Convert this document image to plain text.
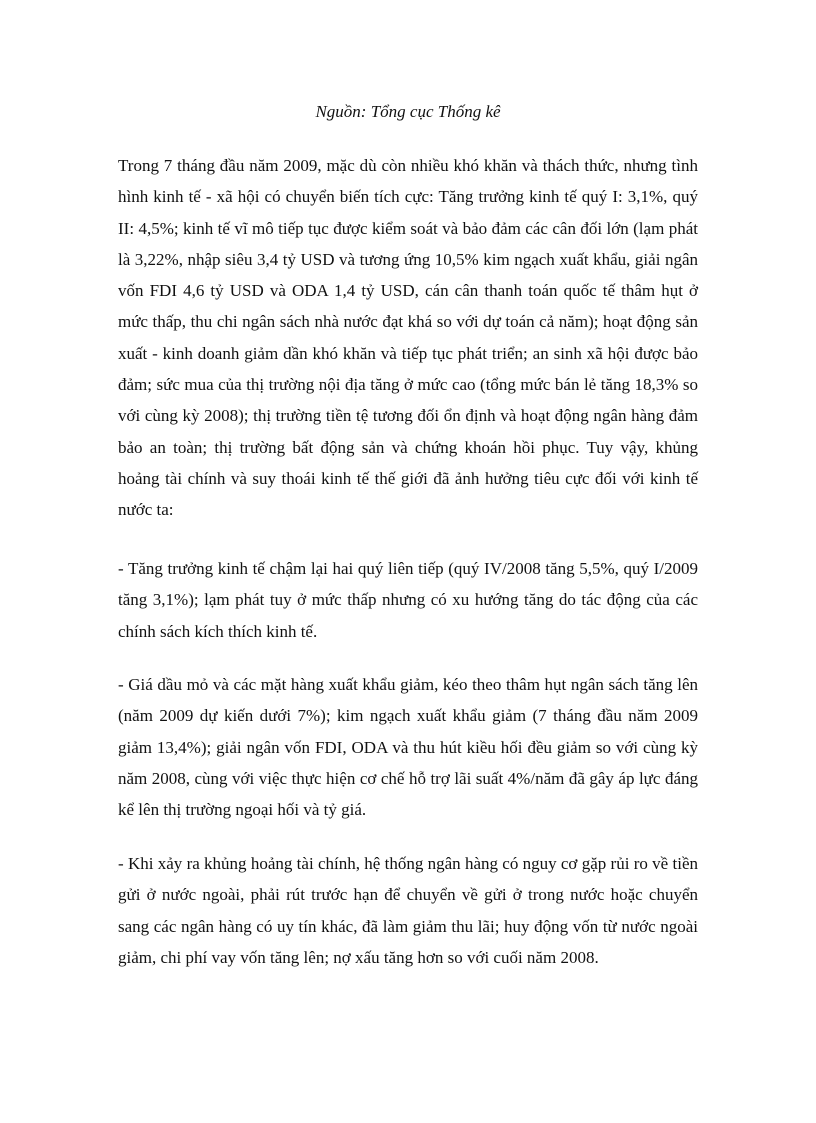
Nguồn: Tổng cục Thống kê

Trong 7 tháng đầu năm 2009, mặc dù còn nhiều khó khăn và thách thức, nhưng tình hình kinh tế - xã hội có chuyển biến tích cực: Tăng trưởng kinh tế quý I: 3,1%, quý II: 4,5%; kinh tế vĩ mô tiếp tục được kiểm soát và bảo đảm các cân đối lớn (lạm phát là 3,22%, nhập siêu 3,4 tỷ USD và tương ứng 10,5% kim ngạch xuất khẩu, giải ngân vốn FDI 4,6 tỷ USD và ODA 1,4 tỷ USD, cán cân thanh toán quốc tế thâm hụt ở mức thấp, thu chi ngân sách nhà nước đạt khá so với dự toán cả năm); hoạt động sản xuất - kinh doanh giảm dần khó khăn và tiếp tục phát triển; an sinh xã hội được bảo đảm; sức mua của thị trường nội địa tăng ở mức cao (tổng mức bán lẻ tăng 18,3% so với cùng kỳ 2008); thị trường tiền tệ tương đối ổn định và hoạt động ngân hàng đảm bảo an toàn; thị trường bất động sản và chứng khoán hồi phục. Tuy vậy, khủng hoảng tài chính và suy thoái kinh tế thế giới đã ảnh hưởng tiêu cực đối với kinh tế nước ta:

- Tăng trưởng kinh tế chậm lại hai quý liên tiếp (quý IV/2008 tăng 5,5%, quý I/2009 tăng 3,1%); lạm phát tuy ở mức thấp nhưng có xu hướng tăng do tác động của các chính sách kích thích kinh tế.

- Giá dầu mỏ và các mặt hàng xuất khẩu giảm, kéo theo thâm hụt ngân sách tăng lên (năm 2009 dự kiến dưới 7%); kim ngạch xuất khẩu giảm (7 tháng đầu năm 2009 giảm 13,4%); giải ngân vốn FDI, ODA và thu hút kiều hối đều giảm so với cùng kỳ năm 2008, cùng với việc thực hiện cơ chế hỗ trợ lãi suất 4%/năm đã gây áp lực đáng kể lên thị trường ngoại hối và tỷ giá.

- Khi xảy ra khủng hoảng tài chính, hệ thống ngân hàng có nguy cơ gặp rủi ro về tiền gửi ở nước ngoài, phải rút trước hạn để chuyển về gửi ở trong nước hoặc chuyển sang các ngân hàng có uy tín khác, đã làm giảm thu lãi; huy động vốn từ nước ngoài giảm, chi phí vay vốn tăng lên; nợ xấu tăng hơn so với cuối năm 2008.
